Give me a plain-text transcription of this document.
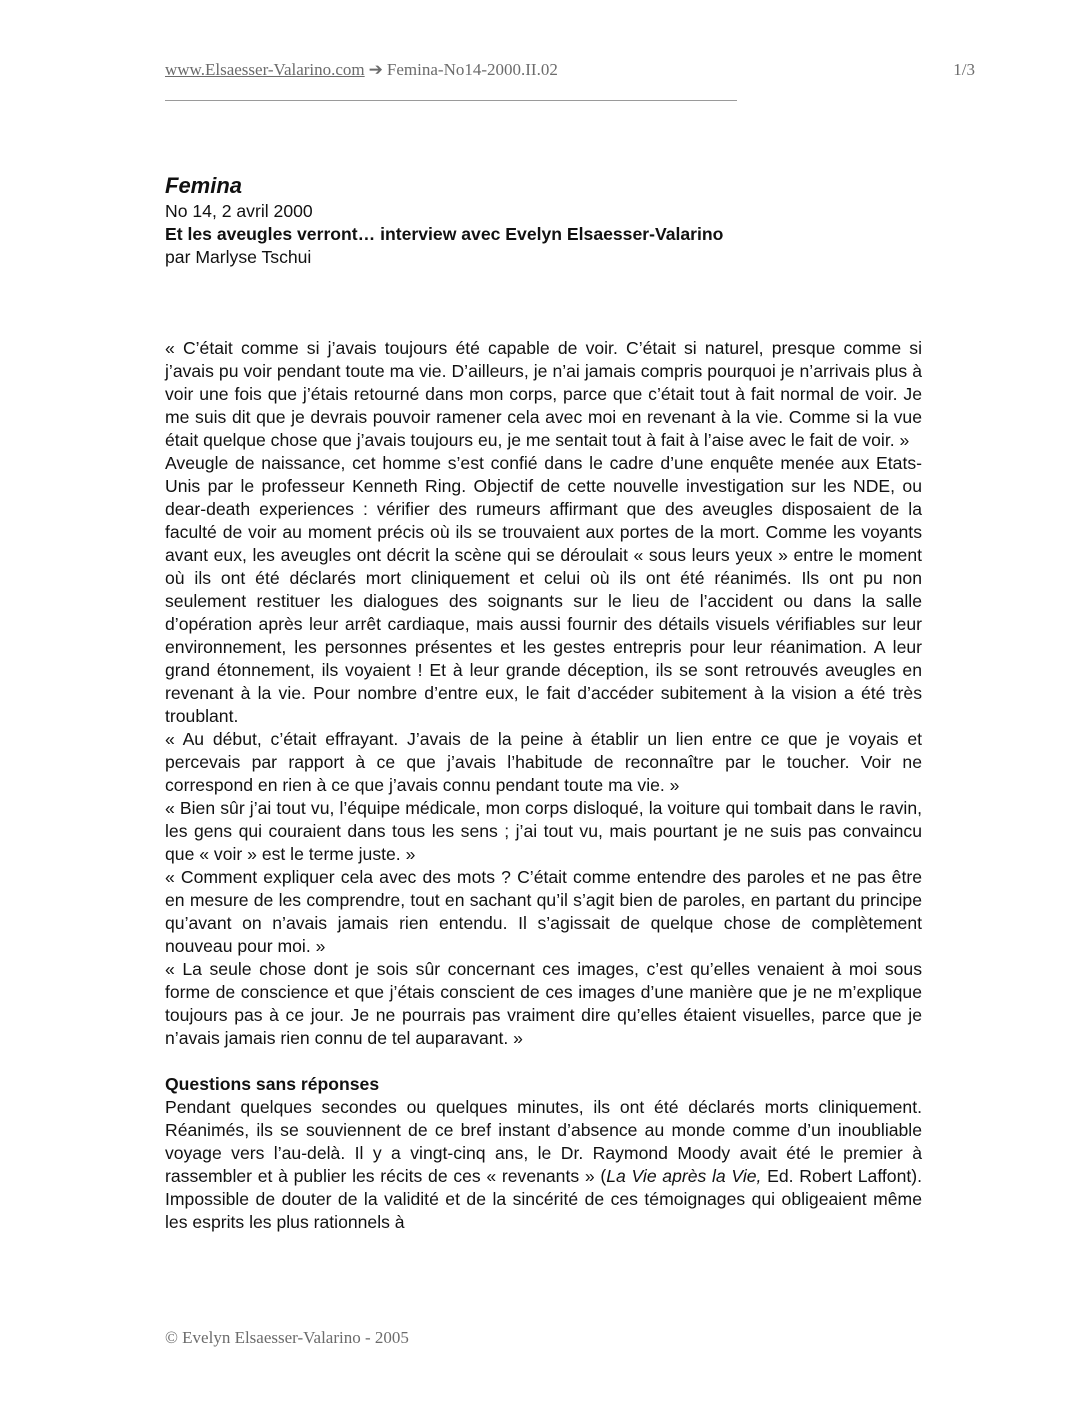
www.Elsaesser-Valarino.com ➔ Femina-No14-2000.II.02	1/3
Femina

No 14, 2 avril 2000

Et les aveugles verront… interview avec Evelyn Elsaesser-Valarino

par Marlyse Tschui

« C’était comme si j’avais toujours été capable de voir. C’était si naturel, presque comme si j’avais pu voir pendant toute ma vie. D’ailleurs, je n’ai jamais compris pourquoi je n’arrivais plus à voir une fois que j’étais retourné dans mon corps, parce que c’était tout à fait normal de voir. Je me suis dit que je devrais pouvoir ramener cela avec moi en revenant à la vie. Comme si la vue était quelque chose que j’avais toujours eu, je me sentait tout à fait à l’aise avec le fait de voir. »

Aveugle de naissance, cet homme s’est confié dans le cadre d’une enquête menée aux Etats-Unis par le professeur Kenneth Ring. Objectif de cette nouvelle investigation sur les NDE, ou dear-death experiences : vérifier des rumeurs affirmant que des aveugles disposaient de la faculté de voir au moment précis où ils se trouvaient aux portes de la mort. Comme les voyants avant eux, les aveugles ont décrit la scène qui se déroulait « sous leurs yeux » entre le moment où ils ont été déclarés mort cliniquement et celui où ils ont été réanimés. Ils ont pu non seulement restituer les dialogues des soignants sur le lieu de l’accident ou dans la salle d’opération après leur arrêt cardiaque, mais aussi fournir des détails visuels vérifiables sur leur environnement, les personnes présentes et les gestes entrepris pour leur réanimation. A leur grand étonnement, ils voyaient ! Et à leur grande déception, ils se sont retrouvés aveugles en revenant à la vie. Pour nombre d’entre eux, le fait d’accéder subitement à la vision a été très troublant.

« Au début, c’était effrayant. J’avais de la peine à établir un lien entre ce que je voyais et percevais par rapport à ce que j’avais l’habitude de reconnaître par le toucher. Voir ne correspond en rien à ce que j’avais connu pendant toute ma vie. »

« Bien sûr j’ai tout vu, l’équipe médicale, mon corps disloqué, la voiture qui tombait dans le ravin, les gens qui couraient dans tous les sens ; j’ai tout vu, mais pourtant je ne suis pas convaincu que « voir » est le terme juste. »

« Comment expliquer cela avec des mots ? C’était comme entendre des paroles et ne pas être en mesure de les comprendre, tout en sachant qu’il s’agit bien de paroles, en partant du principe qu’avant on n’avais jamais rien entendu. Il s’agissait de quelque chose de complètement nouveau pour moi. »

« La seule chose dont je sois sûr concernant ces images, c’est qu’elles venaient à moi sous forme de conscience et que j’étais conscient de ces images d’une manière que je ne m’explique toujours pas à ce jour. Je ne pourrais pas vraiment dire qu’elles étaient visuelles, parce que je n’avais jamais rien connu de tel auparavant. »

Questions sans réponses

Pendant quelques secondes ou quelques minutes, ils ont été déclarés morts cliniquement. Réanimés, ils se souviennent de ce bref instant d’absence au monde comme d’un inoubliable voyage vers l’au-delà. Il y a vingt-cinq ans, le Dr. Raymond Moody avait été le premier à rassembler et à publier les récits de ces « revenants » (La Vie après la Vie, Ed. Robert Laffont). Impossible de douter de la validité et de la sincérité de ces témoignages qui obligeaient même les esprits les plus rationnels à

© Evelyn Elsaesser-Valarino - 2005
